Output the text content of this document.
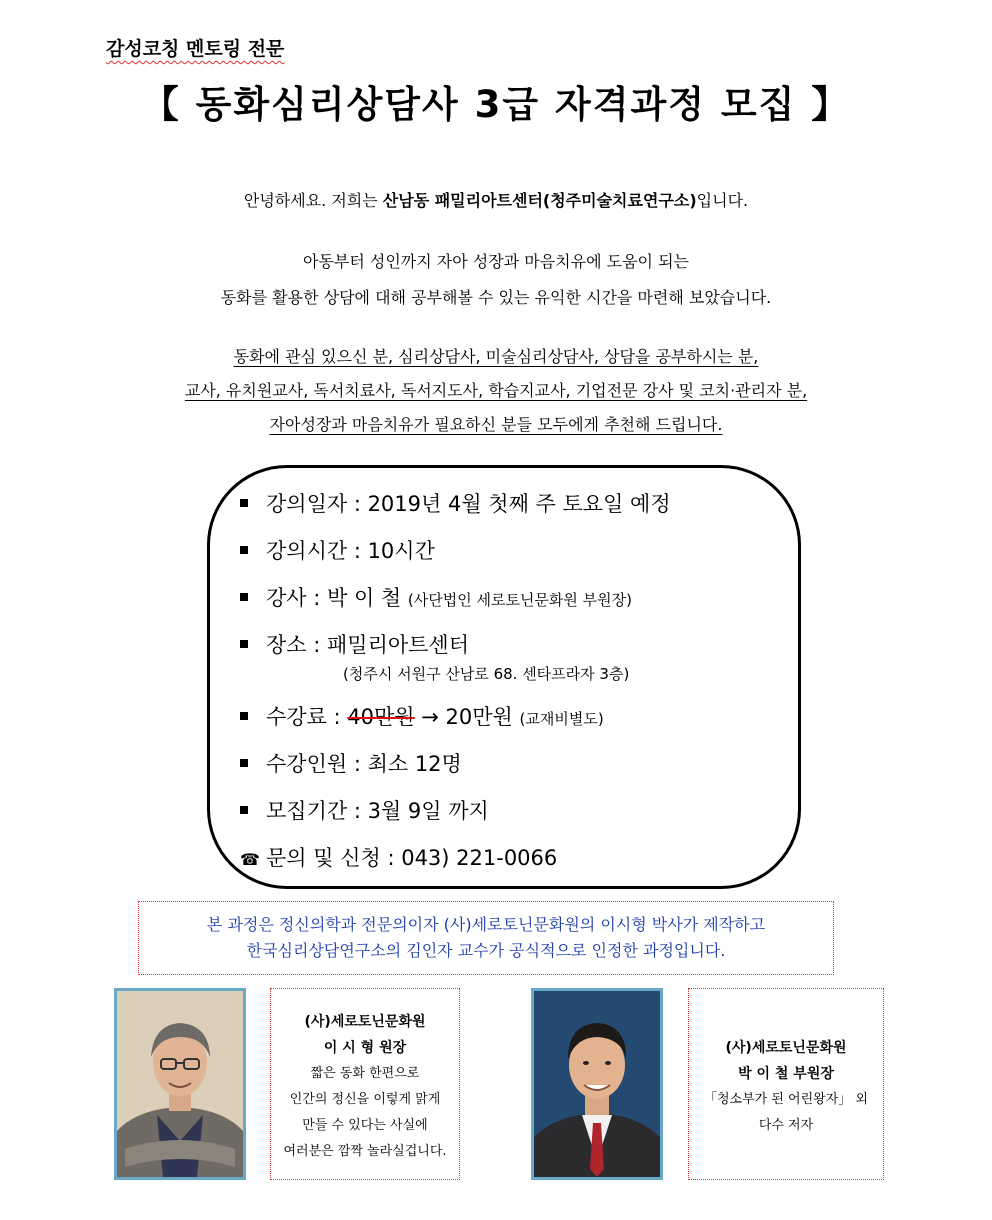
감성코칭 멘토링 전문
【 동화심리상담사 3급 자격과정 모집 】
안녕하세요. 저희는 산남동 패밀리아트센터(청주미술치료연구소)입니다.
아동부터 성인까지 자아 성장과 마음치유에 도움이 되는
동화를 활용한 상담에 대해 공부해볼 수 있는 유익한 시간을 마련해 보았습니다.
동화에 관심 있으신 분, 심리상담사, 미술심리상담사, 상담을 공부하시는 분,
교사, 유치원교사, 독서치료사, 독서지도사, 학습지교사, 기업전문 강사 및 코치·관리자 분,
자아성장과 마음치유가 필요하신 분들 모두에게 추천해 드립니다.
강의일자 : 2019년 4월 첫째 주 토요일 예정
강의시간 : 10시간
강사 : 박 이 철 (사단법인 세로토닌문화원 부원장)
장소 : 패밀리아트센터
(청주시 서원구 산남로 68. 센타프라자 3층)
수강료 : 40만원 → 20만원 (교재비별도)
수강인원 : 최소 12명
모집기간 : 3월 9일 까지
☎ 문의 및 신청 : 043) 221-0066
본 과정은 정신의학과 전문의이자 (사)세로토닌문화원의 이시형 박사가 제작하고
한국심리상담연구소의 김인자 교수가 공식적으로 인정한 과정입니다.
(사)세로토닌문화원
이 시 형 원장
짧은 동화 한편으로
인간의 정신을 이렇게 맑게
만들 수 있다는 사실에
여러분은 깜짝 놀라실겁니다.
(사)세로토닌문화원
박 이 철 부원장
「청소부가 된 어린왕자」 외
다수 저자
